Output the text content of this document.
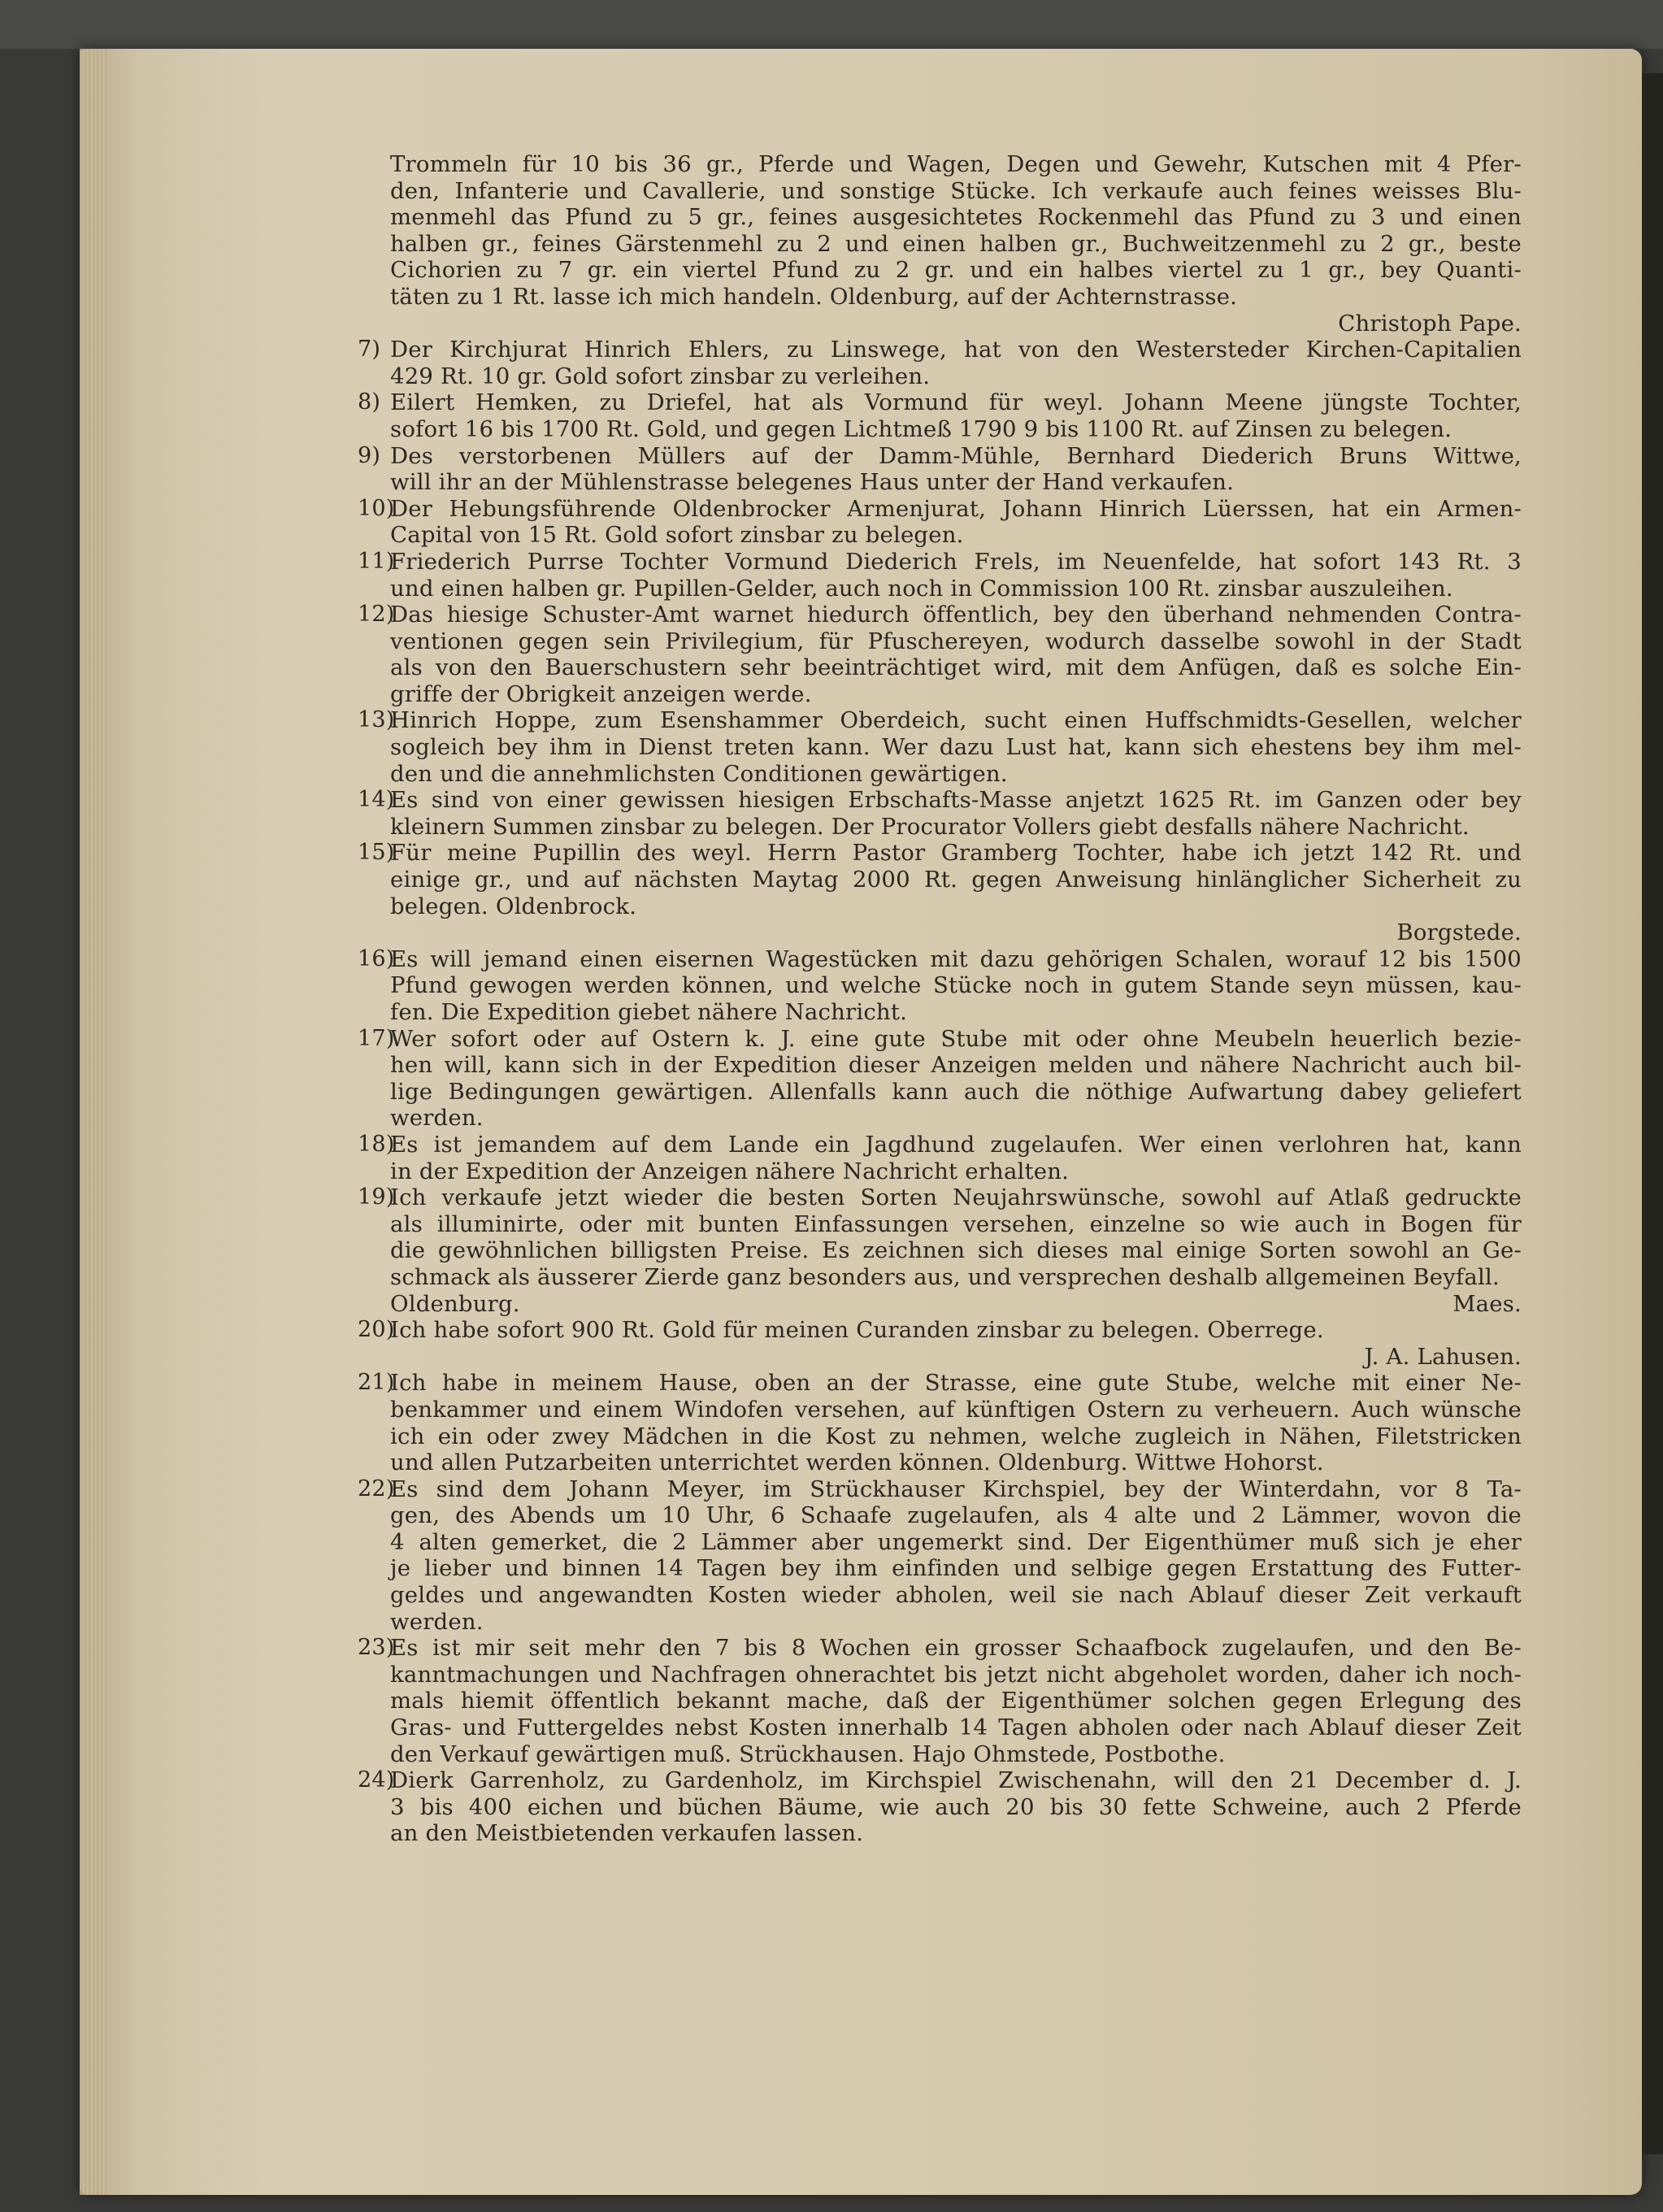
Trommeln für 10 bis 36 gr., Pferde und Wagen, Degen und Gewehr, Kutschen mit 4 Pfer-
den, Infanterie und Cavallerie, und sonstige Stücke. Ich verkaufe auch feines weisses Blu-
menmehl das Pfund zu 5 gr., feines ausgesichtetes Rockenmehl das Pfund zu 3 und einen
halben gr., feines Gärstenmehl zu 2 und einen halben gr., Buchweitzenmehl zu 2 gr., beste
Cichorien zu 7 gr. ein viertel Pfund zu 2 gr. und ein halbes viertel zu 1 gr., bey Quanti-
täten zu 1 Rt. lasse ich mich handeln. Oldenburg, auf der Achternstrasse.
Christoph Pape.
7) Der Kirchjurat Hinrich Ehlers, zu Linswege, hat von den Westersteder Kirchen-Capitalien
429 Rt. 10 gr. Gold sofort zinsbar zu verleihen.
8) Eilert Hemken, zu Driefel, hat als Vormund für weyl. Johann Meene jüngste Tochter,
sofort 16 bis 1700 Rt. Gold, und gegen Lichtmeß 1790 9 bis 1100 Rt. auf Zinsen zu belegen.
9) Des verstorbenen Müllers auf der Damm-Mühle, Bernhard Diederich Bruns Wittwe,
will ihr an der Mühlenstrasse belegenes Haus unter der Hand verkaufen.
10)
Der Hebungsführende Oldenbrocker Armenjurat, Johann Hinrich Lüerssen, hat ein Armen-
Capital von 15 Rt. Gold sofort zinsbar zu belegen.
11)
Friederich Purrse Tochter Vormund Diederich Frels, im Neuenfelde, hat sofort 143 Rt. 3
und einen halben gr. Pupillen-Gelder, auch noch in Commission 100 Rt. zinsbar auszuleihen.
12)
Das hiesige Schuster-Amt warnet hiedurch öffentlich, bey den überhand nehmenden Contra-
ventionen gegen sein Privilegium, für Pfuschereyen, wodurch dasselbe sowohl in der Stadt
als von den Bauerschustern sehr beeinträchtiget wird, mit dem Anfügen, daß es solche Ein-
griffe der Obrigkeit anzeigen werde.
13)
Hinrich Hoppe, zum Esenshammer Oberdeich, sucht einen Huffschmidts-Gesellen, welcher
sogleich bey ihm in Dienst treten kann. Wer dazu Lust hat, kann sich ehestens bey ihm mel-
den und die annehmlichsten Conditionen gewärtigen.
14)
Es sind von einer gewissen hiesigen Erbschafts-Masse anjetzt 1625 Rt. im Ganzen oder bey
kleinern Summen zinsbar zu belegen. Der Procurator Vollers giebt desfalls nähere Nachricht.
15)
Für meine Pupillin des weyl. Herrn Pastor Gramberg Tochter, habe ich jetzt 142 Rt. und
einige gr., und auf nächsten Maytag 2000 Rt. gegen Anweisung hinlänglicher Sicherheit zu
belegen. Oldenbrock.
Borgstede.
16)
Es will jemand einen eisernen Wagestücken mit dazu gehörigen Schalen, worauf 12 bis 1500
Pfund gewogen werden können, und welche Stücke noch in gutem Stande seyn müssen, kau-
fen. Die Expedition giebet nähere Nachricht.
17)
Wer sofort oder auf Ostern k. J. eine gute Stube mit oder ohne Meubeln heuerlich bezie-
hen will, kann sich in der Expedition dieser Anzeigen melden und nähere Nachricht auch bil-
lige Bedingungen gewärtigen. Allenfalls kann auch die nöthige Aufwartung dabey geliefert
werden.
18)
Es ist jemandem auf dem Lande ein Jagdhund zugelaufen. Wer einen verlohren hat, kann
in der Expedition der Anzeigen nähere Nachricht erhalten.
19)
Ich verkaufe jetzt wieder die besten Sorten Neujahrswünsche, sowohl auf Atlaß gedruckte
als illuminirte, oder mit bunten Einfassungen versehen, einzelne so wie auch in Bogen für
die gewöhnlichen billigsten Preise. Es zeichnen sich dieses mal einige Sorten sowohl an Ge-
schmack als äusserer Zierde ganz besonders aus, und versprechen deshalb allgemeinen Beyfall.
Oldenburg.	Maes.
20)
Ich habe sofort 900 Rt. Gold für meinen Curanden zinsbar zu belegen. Oberrege.
J. A. Lahusen.
21)
Ich habe in meinem Hause, oben an der Strasse, eine gute Stube, welche mit einer Ne-
benkammer und einem Windofen versehen, auf künftigen Ostern zu verheuern. Auch wünsche
ich ein oder zwey Mädchen in die Kost zu nehmen, welche zugleich in Nähen, Filetstricken
und allen Putzarbeiten unterrichtet werden können. Oldenburg. Wittwe Hohorst.
22)
Es sind dem Johann Meyer, im Strückhauser Kirchspiel, bey der Winterdahn, vor 8 Ta-
gen, des Abends um 10 Uhr, 6 Schaafe zugelaufen, als 4 alte und 2 Lämmer, wovon die
4 alten gemerket, die 2 Lämmer aber ungemerkt sind. Der Eigenthümer muß sich je eher
je lieber und binnen 14 Tagen bey ihm einfinden und selbige gegen Erstattung des Futter-
geldes und angewandten Kosten wieder abholen, weil sie nach Ablauf dieser Zeit verkauft
werden.
23)
Es ist mir seit mehr den 7 bis 8 Wochen ein grosser Schaafbock zugelaufen, und den Be-
kanntmachungen und Nachfragen ohnerachtet bis jetzt nicht abgeholet worden, daher ich noch-
mals hiemit öffentlich bekannt mache, daß der Eigenthümer solchen gegen Erlegung des
Gras- und Futtergeldes nebst Kosten innerhalb 14 Tagen abholen oder nach Ablauf dieser Zeit
den Verkauf gewärtigen muß. Strückhausen. Hajo Ohmstede, Postbothe.
24)
Dierk Garrenholz, zu Gardenholz, im Kirchspiel Zwischenahn, will den 21 December d. J.
3 bis 400 eichen und büchen Bäume, wie auch 20 bis 30 fette Schweine, auch 2 Pferde
an den Meistbietenden verkaufen lassen.
